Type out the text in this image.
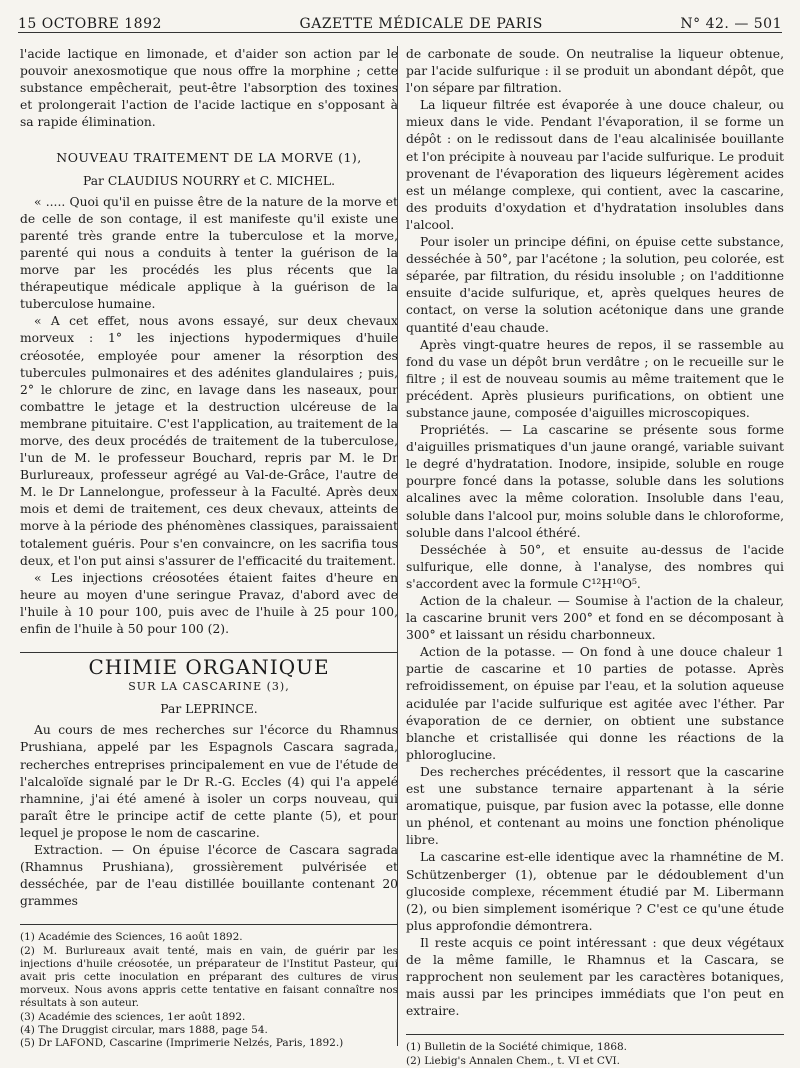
15 OCTOBRE 1892	GAZETTE MÉDICALE DE PARIS	N° 42. — 501

l'acide lactique en limonade, et d'aider son action par le pouvoir anexosmotique que nous offre la morphine ; cette substance empêcherait, peut-être l'absorption des toxines et prolongerait l'action de l'acide lactique en s'opposant à sa rapide élimination.

NOUVEAU TRAITEMENT DE LA MORVE (1),
Par CLAUDIUS NOURRY et C. MICHEL.

« ..... Quoi qu'il en puisse être de la nature de la morve et de celle de son contage, il est manifeste qu'il existe une parenté très grande entre la tuberculose et la morve, parenté qui nous a conduits à tenter la guérison de la morve par les procédés les plus récents que la thérapeutique médicale applique à la guérison de la tuberculose humaine.

« A cet effet, nous avons essayé, sur deux chevaux morveux : 1° les injections hypodermiques d'huile créosotée, employée pour amener la résorption des tubercules pulmonaires et des adénites glandulaires ; puis, 2° le chlorure de zinc, en lavage dans les naseaux, pour combattre le jetage et la destruction ulcéreuse de la membrane pituitaire. C'est l'application, au traitement de la morve, des deux procédés de traitement de la tuberculose, l'un de M. le professeur Bouchard, repris par M. le Dr Burlureaux, professeur agrégé au Val-de-Grâce, l'autre de M. le Dr Lannelongue, professeur à la Faculté. Après deux mois et demi de traitement, ces deux chevaux, atteints de morve à la période des phénomènes classiques, paraissaient totalement guéris. Pour s'en convaincre, on les sacrifia tous deux, et l'on put ainsi s'assurer de l'efficacité du traitement.

« Les injections créosotées étaient faites d'heure en heure au moyen d'une seringue Pravaz, d'abord avec de l'huile à 10 pour 100, puis avec de l'huile à 25 pour 100, enfin de l'huile à 50 pour 100 (2).

CHIMIE ORGANIQUE
SUR LA CASCARINE (3),
Par LEPRINCE.

Au cours de mes recherches sur l'écorce du Rhamnus Prushiana, appelé par les Espagnols Cascara sagrada, recherches entreprises principalement en vue de l'étude de l'alcaloïde signalé par le Dr R.-G. Eccles (4) qui l'a appelé rhamnine, j'ai été amené à isoler un corps nouveau, qui paraît être le principe actif de cette plante (5), et pour lequel je propose le nom de cascarine.

Extraction. — On épuise l'écorce de Cascara sagrada (Rhamnus Prushiana), grossièrement pulvérisée et desséchée, par de l'eau distillée bouillante contenant 20 grammes

(1) Académie des Sciences, 16 août 1892.
(2) M. Burlureaux avait tenté, mais en vain, de guérir par les injections d'huile créosotée, un préparateur de l'Institut Pasteur, qui avait pris cette inoculation en préparant des cultures de virus morveux. Nous avons appris cette tentative en faisant connaître nos résultats à son auteur.
(3) Académie des sciences, 1er août 1892.
(4) The Druggist circular, mars 1888, page 54.
(5) Dr LAFOND, Cascarine (Imprimerie Nelzés, Paris, 1892.)

de carbonate de soude. On neutralise la liqueur obtenue, par l'acide sulfurique : il se produit un abondant dépôt, que l'on sépare par filtration.

La liqueur filtrée est évaporée à une douce chaleur, ou mieux dans le vide. Pendant l'évaporation, il se forme un dépôt : on le redissout dans de l'eau alcalinisée bouillante et l'on précipite à nouveau par l'acide sulfurique. Le produit provenant de l'évaporation des liqueurs légèrement acides est un mélange complexe, qui contient, avec la cascarine, des produits d'oxydation et d'hydratation insolubles dans l'alcool.

Pour isoler un principe défini, on épuise cette substance, desséchée à 50°, par l'acétone ; la solution, peu colorée, est séparée, par filtration, du résidu insoluble ; on l'additionne ensuite d'acide sulfurique, et, après quelques heures de contact, on verse la solution acétonique dans une grande quantité d'eau chaude.

Après vingt-quatre heures de repos, il se rassemble au fond du vase un dépôt brun verdâtre ; on le recueille sur le filtre ; il est de nouveau soumis au même traitement que le précédent. Après plusieurs purifications, on obtient une substance jaune, composée d'aiguilles microscopiques.

Propriétés. — La cascarine se présente sous forme d'aiguilles prismatiques d'un jaune orangé, variable suivant le degré d'hydratation. Inodore, insipide, soluble en rouge pourpre foncé dans la potasse, soluble dans les solutions alcalines avec la même coloration. Insoluble dans l'eau, soluble dans l'alcool pur, moins soluble dans le chloroforme, soluble dans l'alcool éthéré.

Desséchée à 50°, et ensuite au-dessus de l'acide sulfurique, elle donne, à l'analyse, des nombres qui s'accordent avec la formule C¹²H¹⁰O⁵.

Action de la chaleur. — Soumise à l'action de la chaleur, la cascarine brunit vers 200° et fond en se décomposant à 300° et laissant un résidu charbonneux.

Action de la potasse. — On fond à une douce chaleur 1 partie de cascarine et 10 parties de potasse. Après refroidissement, on épuise par l'eau, et la solution aqueuse acidulée par l'acide sulfurique est agitée avec l'éther. Par évaporation de ce dernier, on obtient une substance blanche et cristallisée qui donne les réactions de la phloroglucine.

Des recherches précédentes, il ressort que la cascarine est une substance ternaire appartenant à la série aromatique, puisque, par fusion avec la potasse, elle donne un phénol, et contenant au moins une fonction phénolique libre.

La cascarine est-elle identique avec la rhamnétine de M. Schützenberger (1), obtenue par le dédoublement d'un glucoside complexe, récemment étudié par M. Libermann (2), ou bien simplement isomérique ? C'est ce qu'une étude plus approfondie démontrera.

Il reste acquis ce point intéressant : que deux végétaux de la même famille, le Rhamnus et la Cascara, se rapprochent non seulement par les caractères botaniques, mais aussi par les principes immédiats que l'on peut en extraire.

(1) Bulletin de la Société chimique, 1868.
(2) Liebig's Annalen Chem., t. VI et CVI.
